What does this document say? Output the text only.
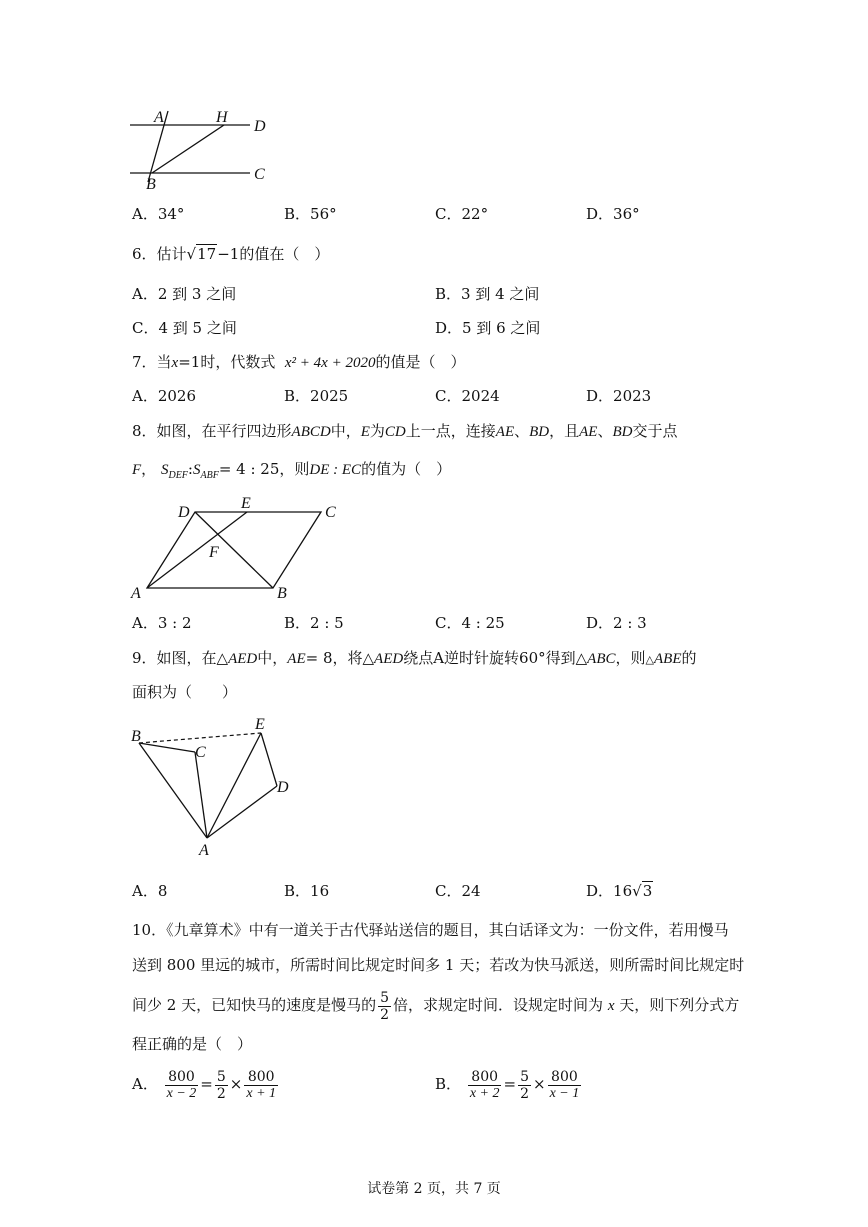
A	H
D
B
C
A．34°	B．56°	C．22°	D．36°
6．估计√17−1的值在（　）
A．2 到 3 之间	B．3 到 4 之间
C．4 到 5 之间	D．5 到 6 之间
7．当x=1时，代数式 x² + 4x + 2020的值是（　）
A．2026	B．2025	C．2024	D．2023
8．如图，在平行四边形ABCD中，E为CD上一点，连接AE、BD，且AE、BD交于点
F， $S_{DEF}:S_{ABF}= 4$ : 25，则DE : EC的值为（　）
D
E
C
F
A	B
A．3 : 2	B．2 : 5	C．4 : 25	D．2 : 3
9．如图，在△AED中，AE= 8，将△AED绕点A逆时针旋转60°得到△ABC，则△ABE的
面积为（　　）
B
C
E
D
A
A．8	B．16	C．24	D．16√3
10．《九章算术》中有一道关于古代驿站送信的题目，其白话译文为：一份文件，若用慢马
送到 800 里远的城市，所需时间比规定时间多 1 天；若改为快马派送，则所需时间比规定时
间少 2 天，已知快马的速度是慢马的 $\frac{5}{2}$ 倍，求规定时间．设规定时间为 x 天，则下列分式方
程正确的是（　）
A． $\frac{800}{x - 2} = \frac{5}{2} \times \frac{800}{x + 1}$	B． $\frac{800}{x + 2} = \frac{5}{2} \times \frac{800}{x - 1}$
试卷第 2 页，共 7 页
